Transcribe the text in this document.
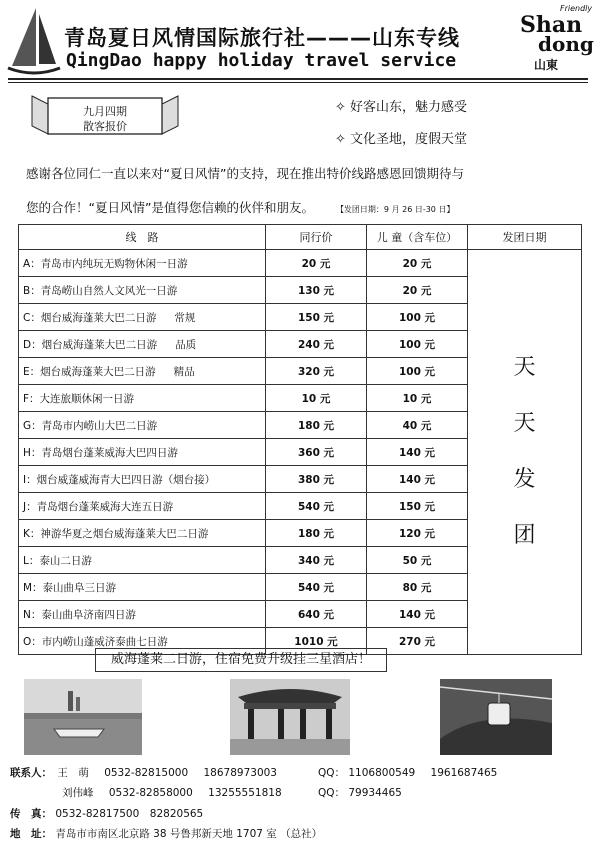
青岛夏日风情国际旅行社———山东专线
QingDao happy holiday travel service
Friendly
Shan
dong
山東
九月四期
散客报价
✧ 好客山东，魅力感受
✧ 文化圣地，度假天堂
感谢各位同仁一直以来对“夏日风情”的支持，现在推出特价线路感恩回馈期待与
您的合作！“夏日风情”是值得您信赖的伙伴和朋友。	【发团日期：9 月 26 日-30 日】
线　路	同行价	儿 童（含车位）	发团日期
A：青岛市内纯玩无购物休闲一日游	20 元	20 元	天
天
发
团

B：青岛崂山自然人文风光一日游	130 元	20 元	
C：烟台威海蓬莱大巴二日游 常规	150 元	100 元	
D：烟台威海蓬莱大巴二日游 品质	240 元	100 元	
E：烟台威海蓬莱大巴二日游 精品	320 元	100 元	
F：大连旅顺休闲一日游	10 元	10 元	
G：青岛市内崂山大巴二日游	180 元	40 元	
H：青岛烟台蓬莱威海大巴四日游	360 元	140 元	
I：烟台威蓬威海青大巴四日游（烟台接）	380 元	140 元	
J：青岛烟台蓬莱威海大连五日游	540 元	150 元	
K：神游华夏之烟台威海蓬莱大巴二日游	180 元	120 元	
L：泰山二日游	340 元	50 元	
M：泰山曲阜三日游	540 元	80 元	
N：泰山曲阜济南四日游	640 元	140 元	
O：市内崂山蓬威济泰曲七日游	1010 元	270 元	
威海蓬莱二日游，住宿免费升级挂三星酒店！
联系人： 王　萌 0532-82815000 18678973003	QQ： 1106800549 1961687465
刘伟峰 0532-82858000 13255551818	QQ： 79934465
传　真： 0532-82817500　82820565
地　址： 青岛市市南区北京路 38 号鲁邦新天地 1707 室 （总社）
